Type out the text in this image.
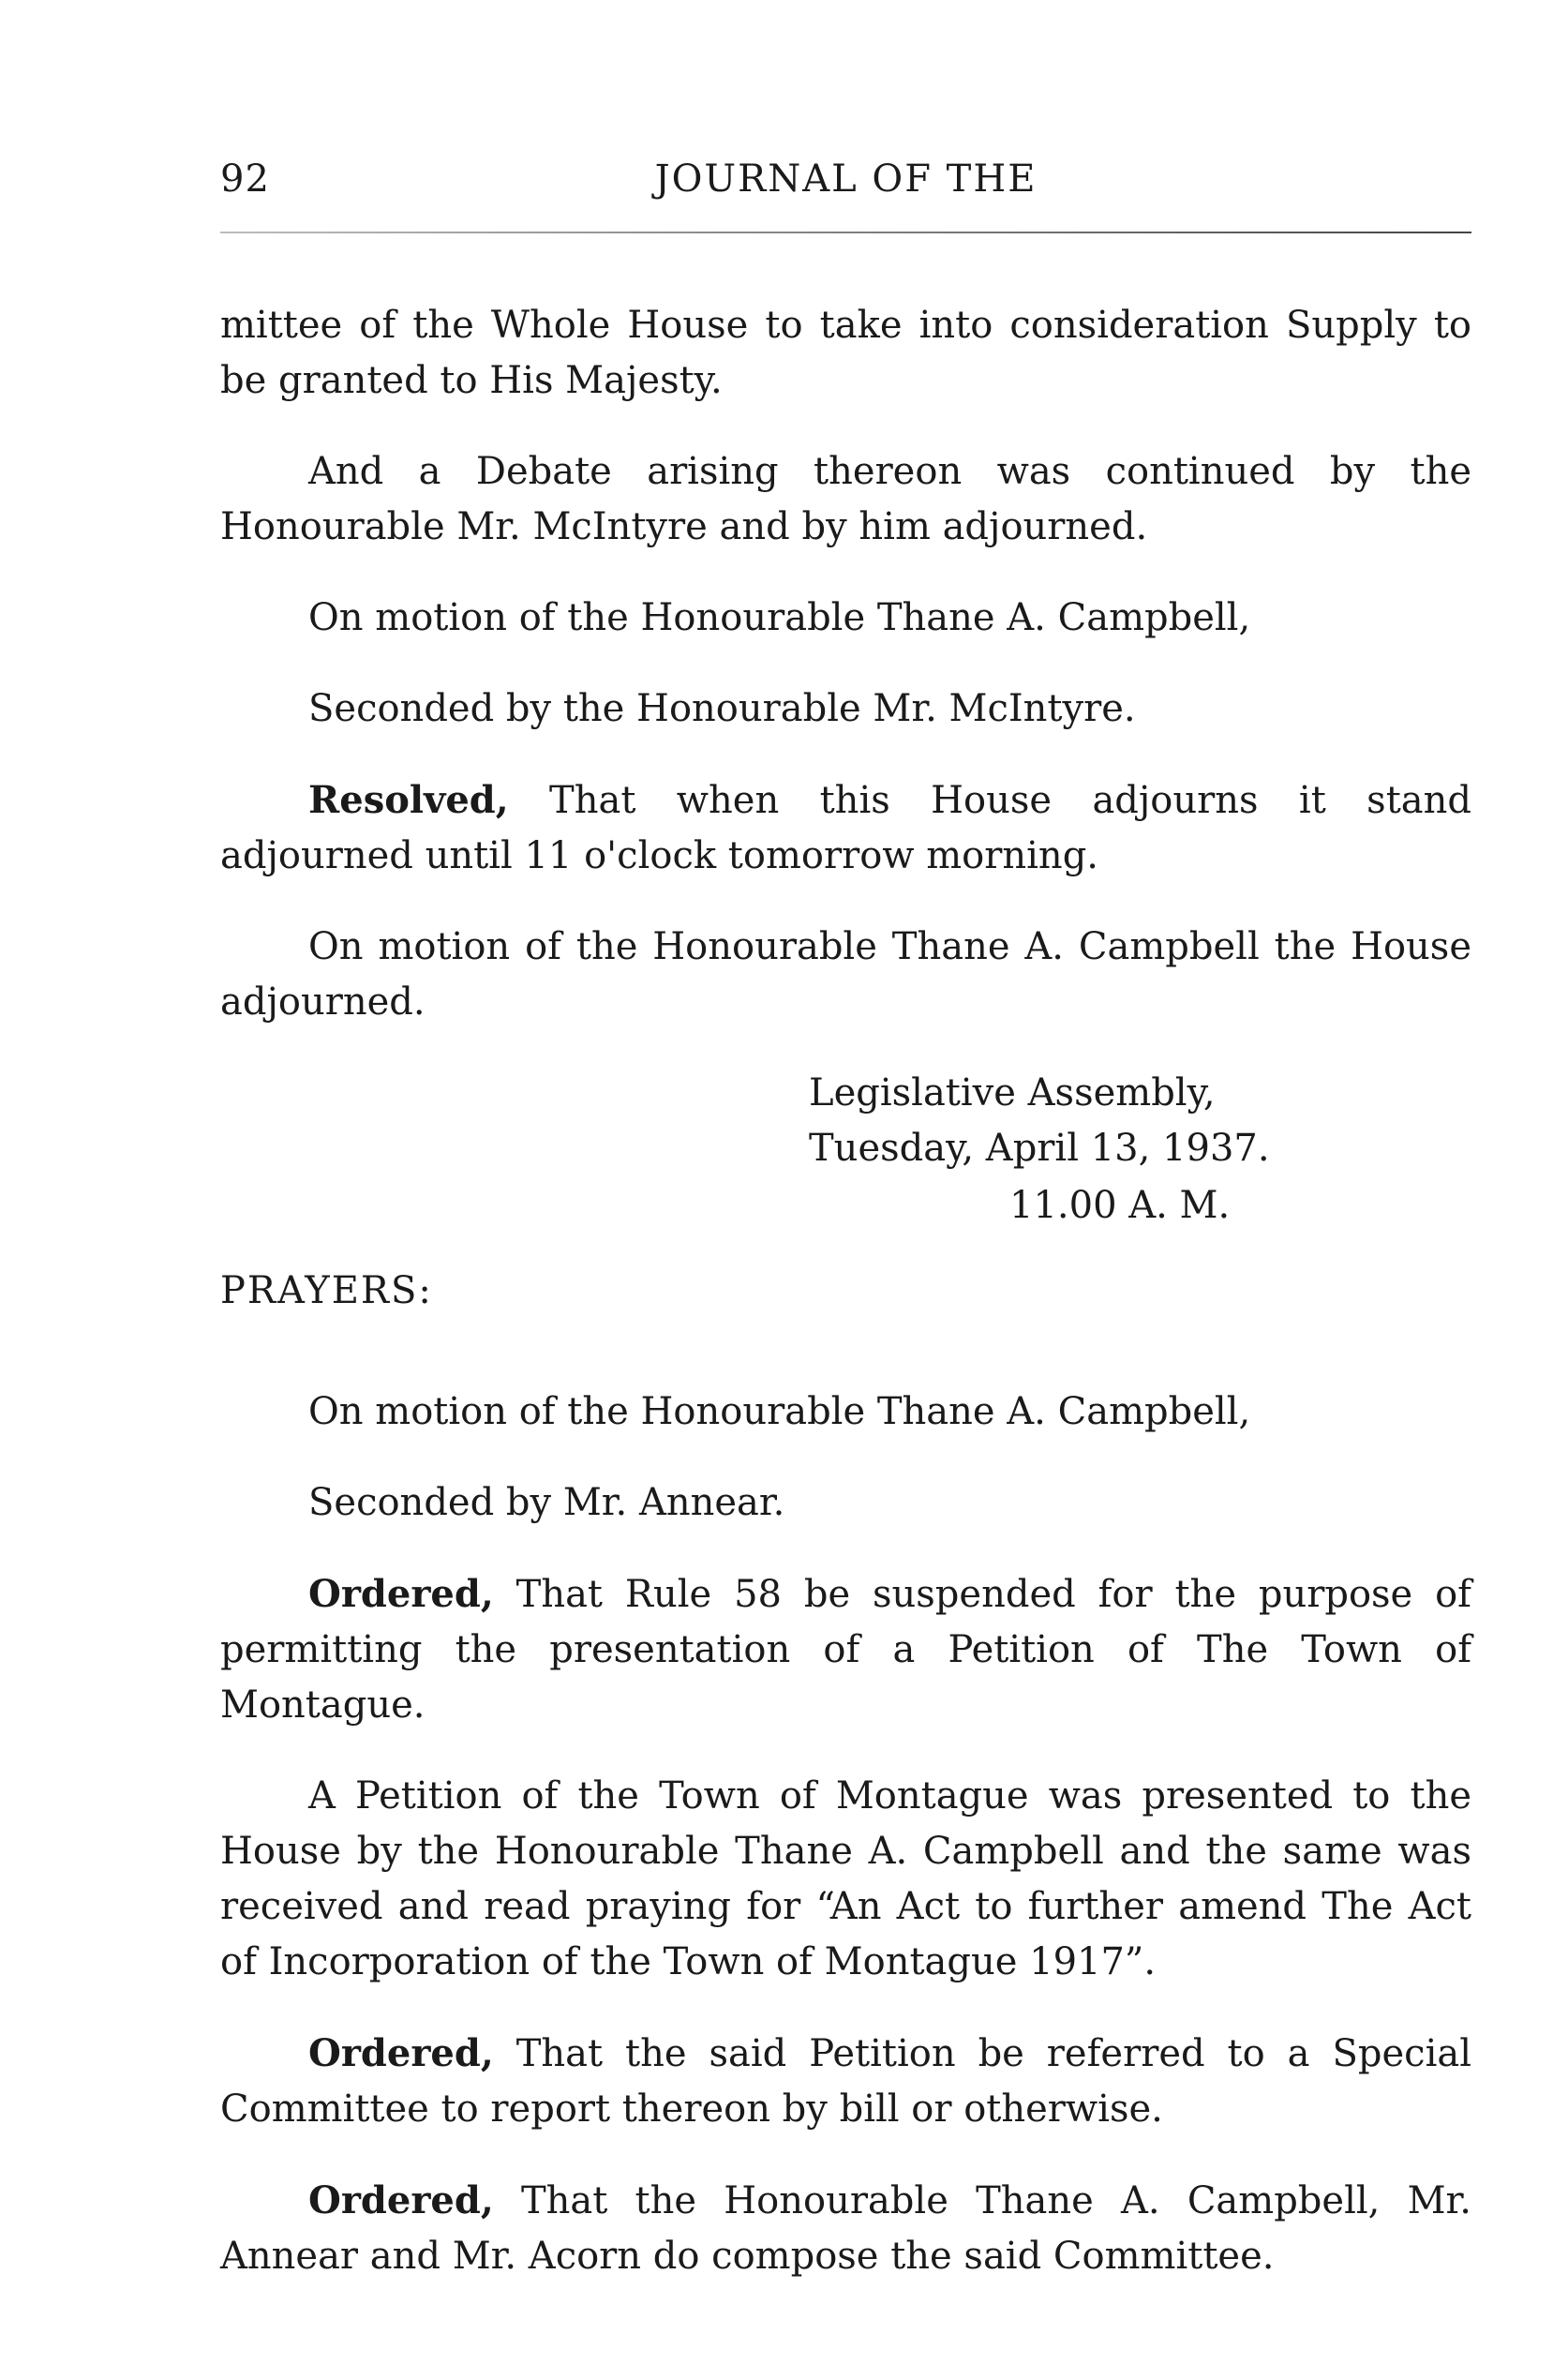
92	JOURNAL OF THE

mittee of the Whole House to take into consideration Supply to be granted to His Majesty.

And a Debate arising thereon was continued by the Honourable Mr. McIntyre and by him adjourned.

On motion of the Honourable Thane A. Campbell,

Seconded by the Honourable Mr. McIntyre.

Resolved, That when this House adjourns it stand adjourned until 11 o'clock tomorrow morning.

On motion of the Honourable Thane A. Campbell the House adjourned.

Legislative Assembly,
Tuesday, April 13, 1937.
11.00 A. M.

PRAYERS:

On motion of the Honourable Thane A. Campbell,

Seconded by Mr. Annear.

Ordered, That Rule 58 be suspended for the purpose of permitting the presentation of a Petition of The Town of Montague.

A Petition of the Town of Montague was presented to the House by the Honourable Thane A. Campbell and the same was received and read praying for “An Act to further amend The Act of Incorporation of the Town of Montague 1917”.

Ordered, That the said Petition be referred to a Special Committee to report thereon by bill or otherwise.

Ordered, That the Honourable Thane A. Campbell, Mr. Annear and Mr. Acorn do compose the said Committee.
